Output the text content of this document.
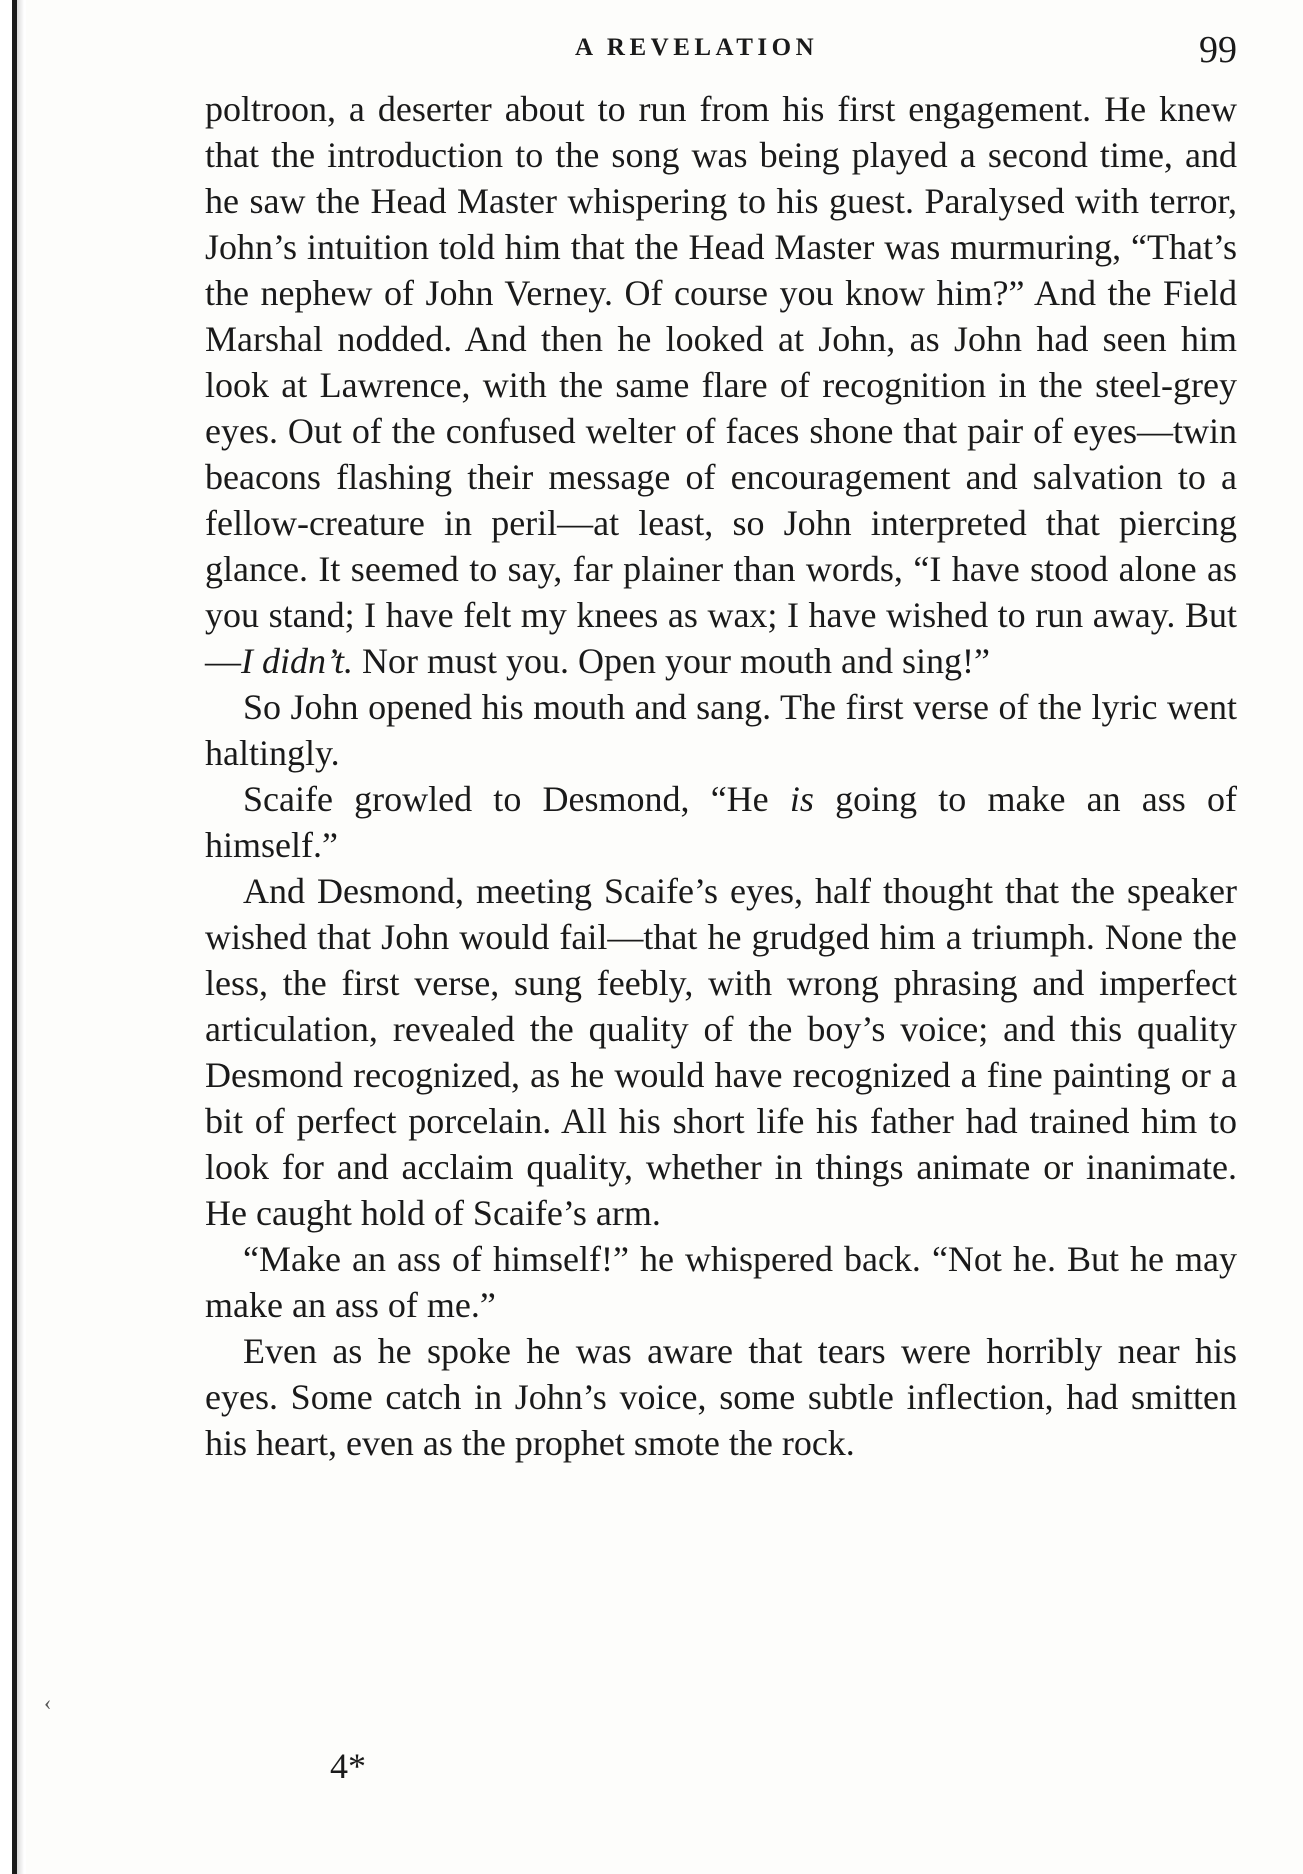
A REVELATION	99

poltroon, a deserter about to run from his first engagement. He knew that the introduction to the song was being played a second time, and he saw the Head Master whispering to his guest. Paralysed with terror, John’s intuition told him that the Head Master was murmuring, “That’s the nephew of John Verney. Of course you know him?” And the Field Marshal nodded. And then he looked at John, as John had seen him look at Lawrence, with the same flare of recognition in the steel-grey eyes. Out of the confused welter of faces shone that pair of eyes—twin beacons flashing their message of encouragement and salvation to a fellow-creature in peril—at least, so John interpreted that piercing glance. It seemed to say, far plainer than words, “I have stood alone as you stand; I have felt my knees as wax; I have wished to run away. But—I didn’t. Nor must you. Open your mouth and sing!”

So John opened his mouth and sang. The first verse of the lyric went haltingly.

Scaife growled to Desmond, “He is going to make an ass of himself.”

And Desmond, meeting Scaife’s eyes, half thought that the speaker wished that John would fail—that he grudged him a triumph. None the less, the first verse, sung feebly, with wrong phrasing and imperfect articulation, revealed the quality of the boy’s voice; and this quality Desmond recognized, as he would have recognized a fine painting or a bit of perfect porcelain. All his short life his father had trained him to look for and acclaim quality, whether in things animate or inanimate. He caught hold of Scaife’s arm.

“Make an ass of himself!” he whispered back. “Not he. But he may make an ass of me.”

Even as he spoke he was aware that tears were horribly near his eyes. Some catch in John’s voice, some subtle inflection, had smitten his heart, even as the prophet smote the rock.

‹
4*
